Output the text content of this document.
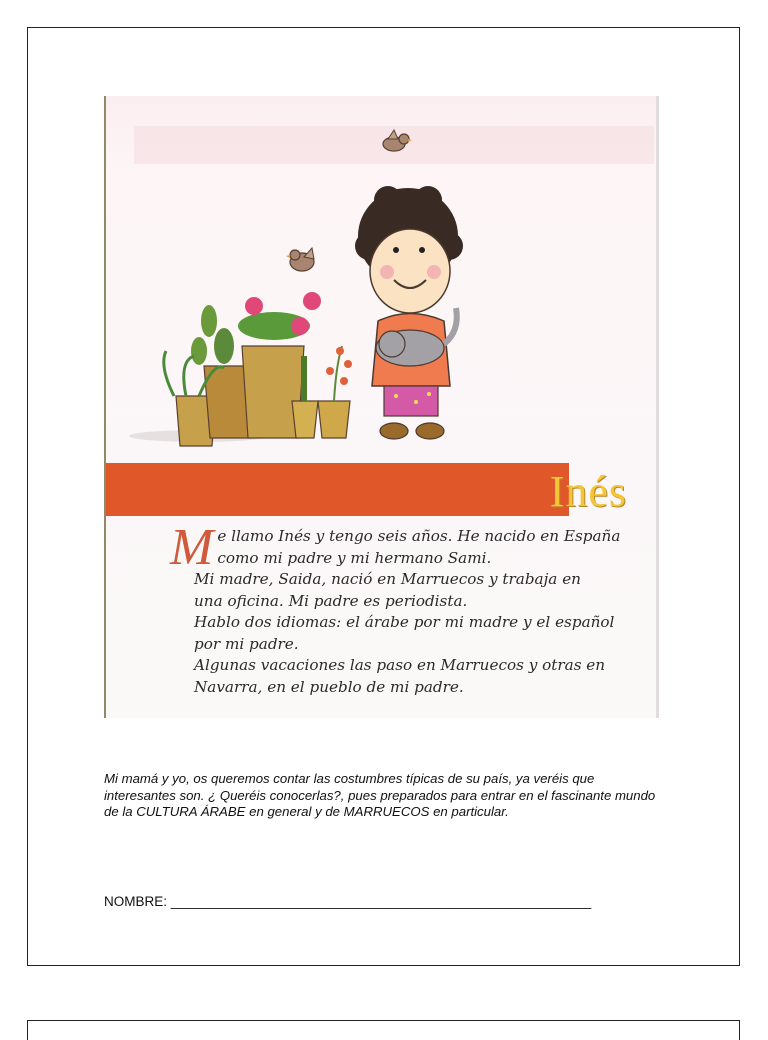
Inés
M e llamo Inés y tengo seis años. He nacido en España
como mi padre y mi hermano Sami.
Mi madre, Saida, nació en Marruecos y trabaja en
una oficina. Mi padre es periodista.
Hablo dos idiomas: el árabe por mi madre y el español
por mi padre.
Algunas vacaciones las paso en Marruecos y otras en
Navarra, en el pueblo de mi padre.
Mi mamá y yo, os queremos contar las costumbres típicas de su país, ya veréis que interesantes son. ¿ Queréis conocerlas?, pues preparados para entrar en el fascinante mundo de la CULTURA ÁRABE en general y de MARRUECOS en particular.
NOMBRE: ________________________________________________________
